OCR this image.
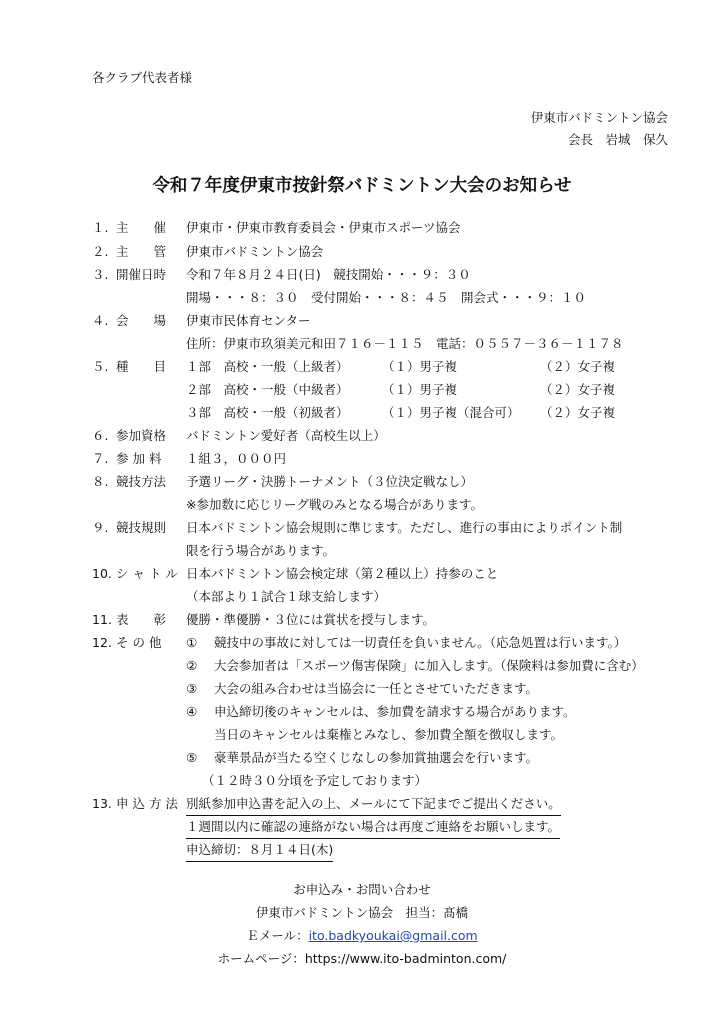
各クラブ代表者様
伊東市バドミントン協会
会長　岩城　保久
令和７年度伊東市按針祭バドミントン大会のお知らせ
１. 主　　催 伊東市・伊東市教育委員会・伊東市スポーツ協会
２. 主　　管 伊東市バドミントン協会
３. 開催日時 令和７年８月２４日(日)　競技開始・・・９：３０
開場・・・８：３０　受付開始・・・８：４５　開会式・・・９：１０
４. 会　　場 伊東市民体育センター
住所：伊東市玖須美元和田７１６－１１５　電話：０５５７－３６－１１７８
５. 種　　目	１部　高校・一般（上級者）	（１）男子複	（２）女子複
２部　高校・一般（中級者）	（１）男子複	（２）女子複
３部　高校・一般（初級者）	（１）男子複（混合可） （２）女子複
６. 参加資格 バドミントン愛好者（高校生以上）
７. 参 加 料 １組３，０００円
８. 競技方法 予選リーグ・決勝トーナメント（３位決定戦なし）
※参加数に応じリーグ戦のみとなる場合があります。
９. 競技規則 日本バドミントン協会規則に準じます。ただし、進行の事由によりポイント制
限を行う場合があります。
10. シ ャ ト ル 日本バドミントン協会検定球（第２種以上）持参のこと
（本部より１試合１球支給します）
11. 表　　彰 優勝・準優勝・３位には賞状を授与します。
12. そ の 他	① 競技中の事故に対しては一切責任を負いません。（応急処置は行います。）
② 大会参加者は「スポーツ傷害保険」に加入します。（保険料は参加費に含む）
③ 大会の組み合わせは当協会に一任とさせていただきます。
④ 申込締切後のキャンセルは、参加費を請求する場合があります。
当日のキャンセルは棄権とみなし、参加費全額を徴収します。
⑤ 豪華景品が当たる空くじなしの参加賞抽選会を行います。
（１２時３０分頃を予定しております）
13. 申 込 方 法 別紙参加申込書を記入の上、メールにて下記までご提出ください。
１週間以内に確認の連絡がない場合は再度ご連絡をお願いします。
申込締切：８月１４日(木)
お申込み・お問い合わせ
伊東市バドミントン協会　担当：髙橋
Ｅメール：ito.badkyoukai@gmail.com
ホームページ：https://www.ito-badminton.com/
